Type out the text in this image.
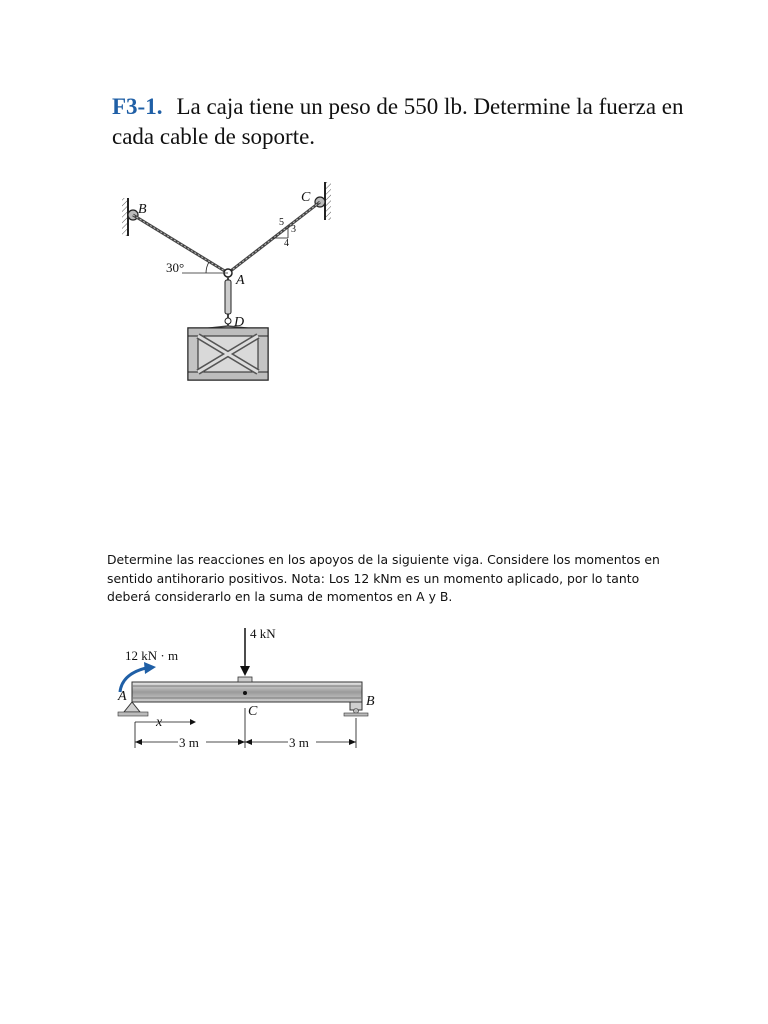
F3-1. La caja tiene un peso de 550 lb. Determine la fuerza en cada cable de soporte.

B
C
A
D
30°
5
3
4

Determine las reacciones en los apoyos de la siguiente viga. Considere los momentos en sentido antihorario positivos. Nota: Los 12 kNm es un momento aplicado, por lo tanto deberá considerarlo en la suma de momentos en A y B.

4 kN
12 kN · m
A	B
C
x
3 m	3 m
